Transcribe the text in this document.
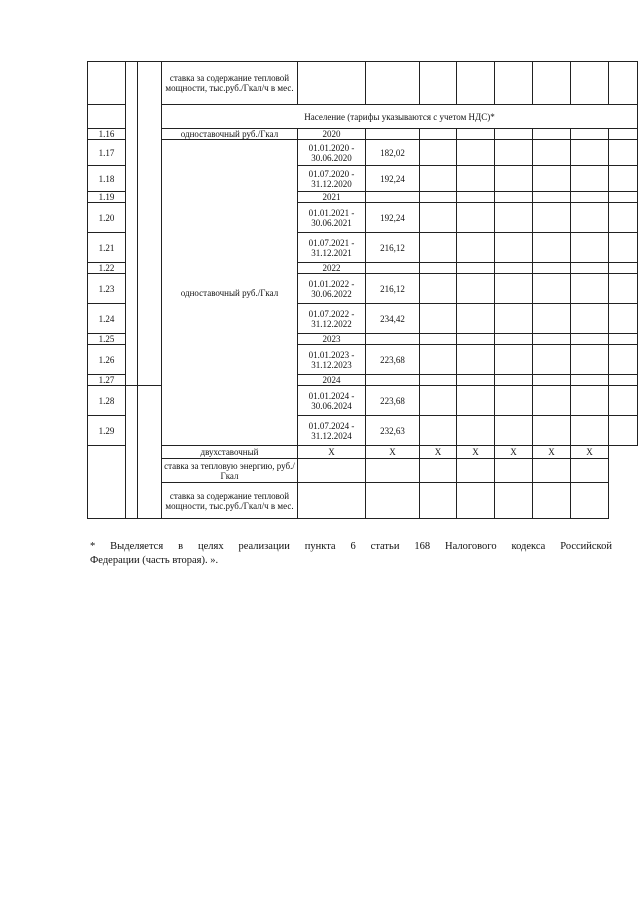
			ставка за содержание тепловой мощности, тыс.руб./Гкал/ч в мес.								
			Население (тарифы указываются с учетом НДС)*								
1.16			одноставочный руб./Гкал	2020							
1.17			одноставочный руб./Гкал	01.01.2020 - 30.06.2020	182,02						
1.18				01.07.2020 - 31.12.2020	192,24						
1.19				2021							
1.20				01.01.2021 - 30.06.2021	192,24						
1.21				01.07.2021 - 31.12.2021	216,12						
1.22				2022							
1.23				01.01.2022 - 30.06.2022	216,12						
1.24				01.07.2022 - 31.12.2022	234,42						
1.25				2023							
1.26				01.01.2023 - 31.12.2023	223,68						
1.27				2024							
1.28				01.01.2024 - 30.06.2024	223,68						
1.29				01.07.2024 - 31.12.2024	232,63						
			двухставочный	X	X	X	X	X	X	X	
			ставка за тепловую энергию, руб./Гкал								
			ставка за содержание тепловой мощности, тыс.руб./Гкал/ч в мес.								
* Выделяется в целях реализации пункта 6 статьи 168 Налогового кодекса Российской
Федерации (часть вторая). ».
